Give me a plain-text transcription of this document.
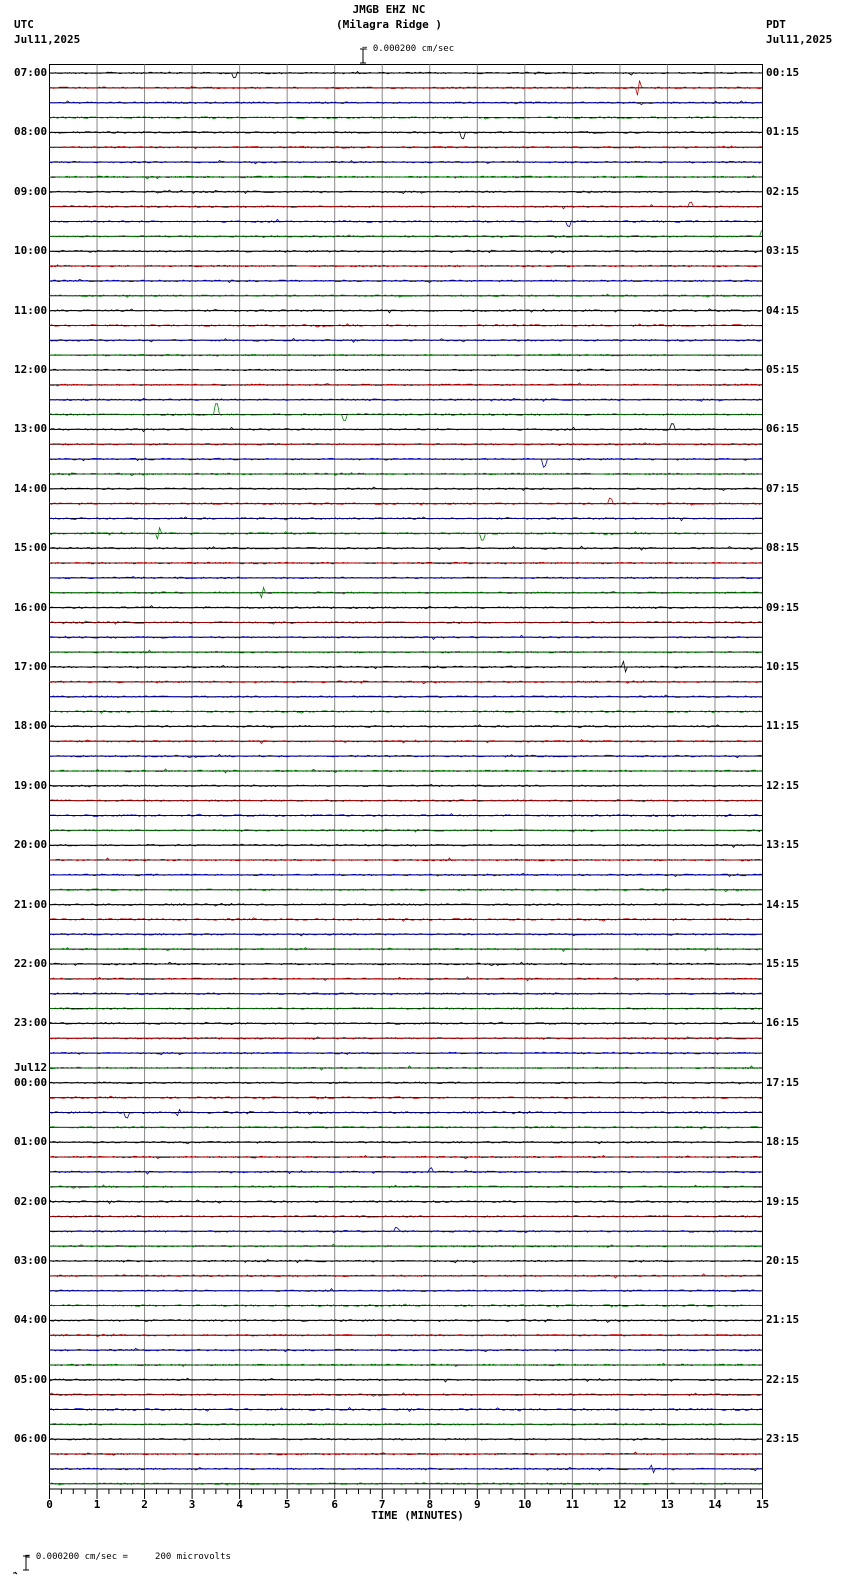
JMGB EHZ NC
(Milagra Ridge )
UTC
Jul11,2025
PDT
Jul11,2025

= 0.000200 cm/sec
07:00
08:00
09:00
10:00
11:00
12:00
13:00
14:00
15:00
16:00
17:00
18:00
19:00
20:00
21:00
22:00
23:00
00:00
Jul12
01:00
02:00
03:00
04:00
05:00
06:00
00:15
01:15
02:15
03:15
04:15
05:15
06:15
07:15
08:15
09:15
10:15
11:15
12:15
13:15
14:15
15:15
16:15
17:15
18:15
19:15
20:15
21:15
22:15
23:15
0	1	2	3	4	5	6	7	8	9	10	11	12	13	14	15
TIME (MINUTES)

= 0.000200 cm/sec =     200 microvolts
